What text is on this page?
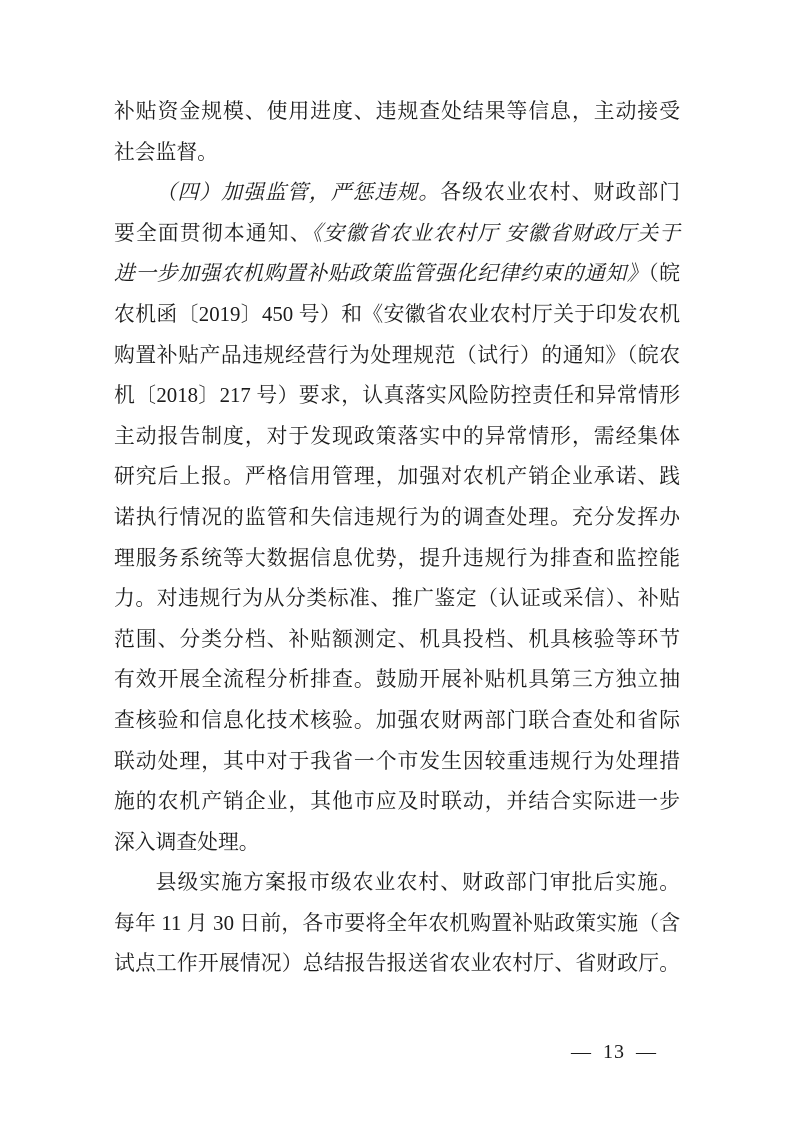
补贴资金规模、使用进度、违规查处结果等信息，主动接受
社会监督。
（四）加强监管，严惩违规。各级农业农村、财政部门
要全面贯彻本通知、《安徽省农业农村厅 安徽省财政厅关于
进一步加强农机购置补贴政策监管强化纪律约束的通知》（皖
农机函〔2019〕450 号）和《安徽省农业农村厅关于印发农机
购置补贴产品违规经营行为处理规范（试行）的通知》（皖农
机〔2018〕217 号）要求，认真落实风险防控责任和异常情形
主动报告制度，对于发现政策落实中的异常情形，需经集体
研究后上报。严格信用管理，加强对农机产销企业承诺、践
诺执行情况的监管和失信违规行为的调查处理。充分发挥办
理服务系统等大数据信息优势，提升违规行为排查和监控能
力。对违规行为从分类标准、推广鉴定（认证或采信）、补贴
范围、分类分档、补贴额测定、机具投档、机具核验等环节
有效开展全流程分析排查。鼓励开展补贴机具第三方独立抽
查核验和信息化技术核验。加强农财两部门联合查处和省际
联动处理，其中对于我省一个市发生因较重违规行为处理措
施的农机产销企业，其他市应及时联动，并结合实际进一步
深入调查处理。
县级实施方案报市级农业农村、财政部门审批后实施。
每年 11 月 30 日前，各市要将全年农机购置补贴政策实施（含
试点工作开展情况）总结报告报送省农业农村厅、省财政厅。
— 13 —
